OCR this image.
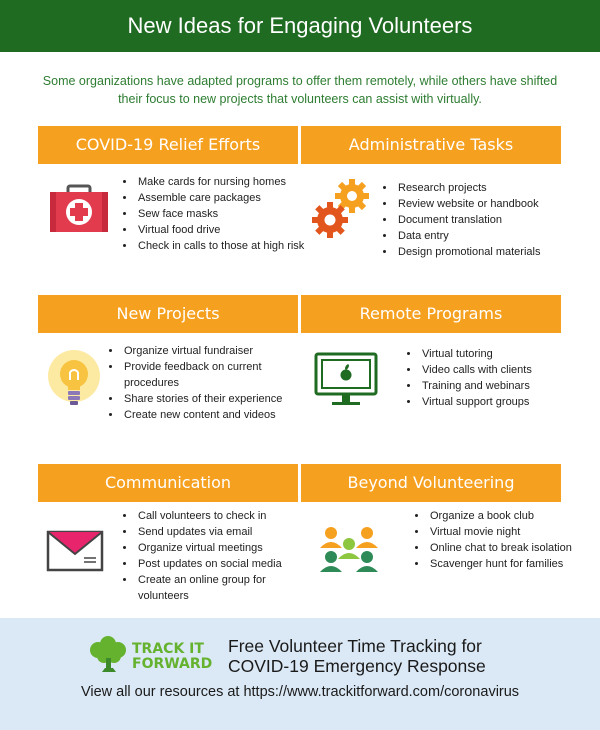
New Ideas for Engaging Volunteers
Some organizations have adapted programs to offer them remotely, while others have shifted their focus to new projects that volunteers can assist with virtually.
COVID-19 Relief Efforts
• Make cards for nursing homes
• Assemble care packages
• Sew face masks
• Virtual food drive
• Check in calls to those at high risk
Administrative Tasks
• Research projects
• Review website or handbook
• Document translation
• Data entry
• Design promotional materials
New Projects
• Organize virtual fundraiser
• Provide feedback on current procedures
• Share stories of their experience
• Create new content and videos
Remote Programs
• Virtual tutoring
• Video calls with clients
• Training and webinars
• Virtual support groups
Communication
• Call volunteers to check in
• Send updates via email
• Organize virtual meetings
• Post updates on social media
• Create an online group for volunteers
Beyond Volunteering
• Organize a book club
• Virtual movie night
• Online chat to break isolation
• Scavenger hunt for families
TRACK IT
FORWARD
Free Volunteer Time Tracking for
COVID-19 Emergency Response
View all our resources at https://www.trackitforward.com/coronavirus
